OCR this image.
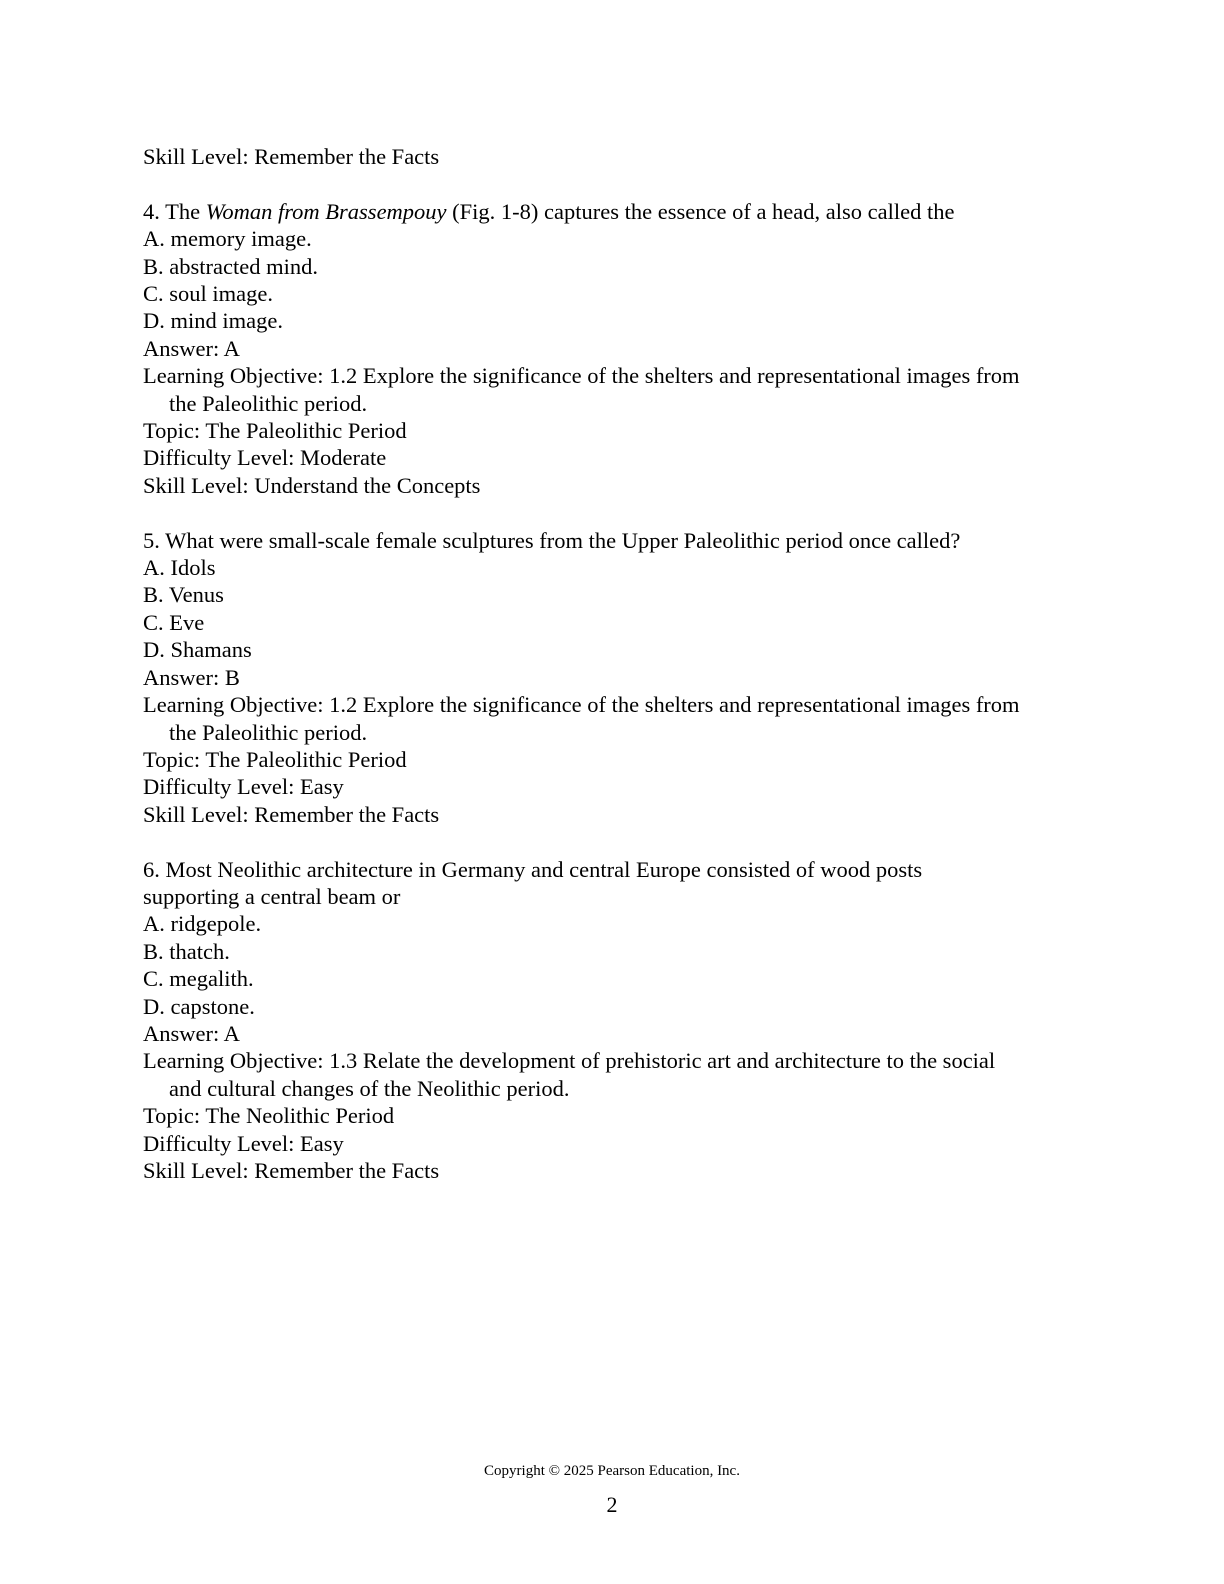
Skill Level: Remember the Facts

4. The Woman from Brassempouy (Fig. 1-8) captures the essence of a head, also called the

A. memory image.

B. abstracted mind.

C. soul image.

D. mind image.

Answer: A

Learning Objective: 1.2 Explore the significance of the shelters and representational images from

the Paleolithic period.

Topic: The Paleolithic Period

Difficulty Level: Moderate

Skill Level: Understand the Concepts

5. What were small-scale female sculptures from the Upper Paleolithic period once called?

A. Idols

B. Venus

C. Eve

D. Shamans

Answer: B

Learning Objective: 1.2 Explore the significance of the shelters and representational images from

the Paleolithic period.

Topic: The Paleolithic Period

Difficulty Level: Easy

Skill Level: Remember the Facts

6. Most Neolithic architecture in Germany and central Europe consisted of wood posts

supporting a central beam or

A. ridgepole.

B. thatch.

C. megalith.

D. capstone.

Answer: A

Learning Objective: 1.3 Relate the development of prehistoric art and architecture to the social

and cultural changes of the Neolithic period.

Topic: The Neolithic Period

Difficulty Level: Easy

Skill Level: Remember the Facts

Copyright © 2025 Pearson Education, Inc.
2
